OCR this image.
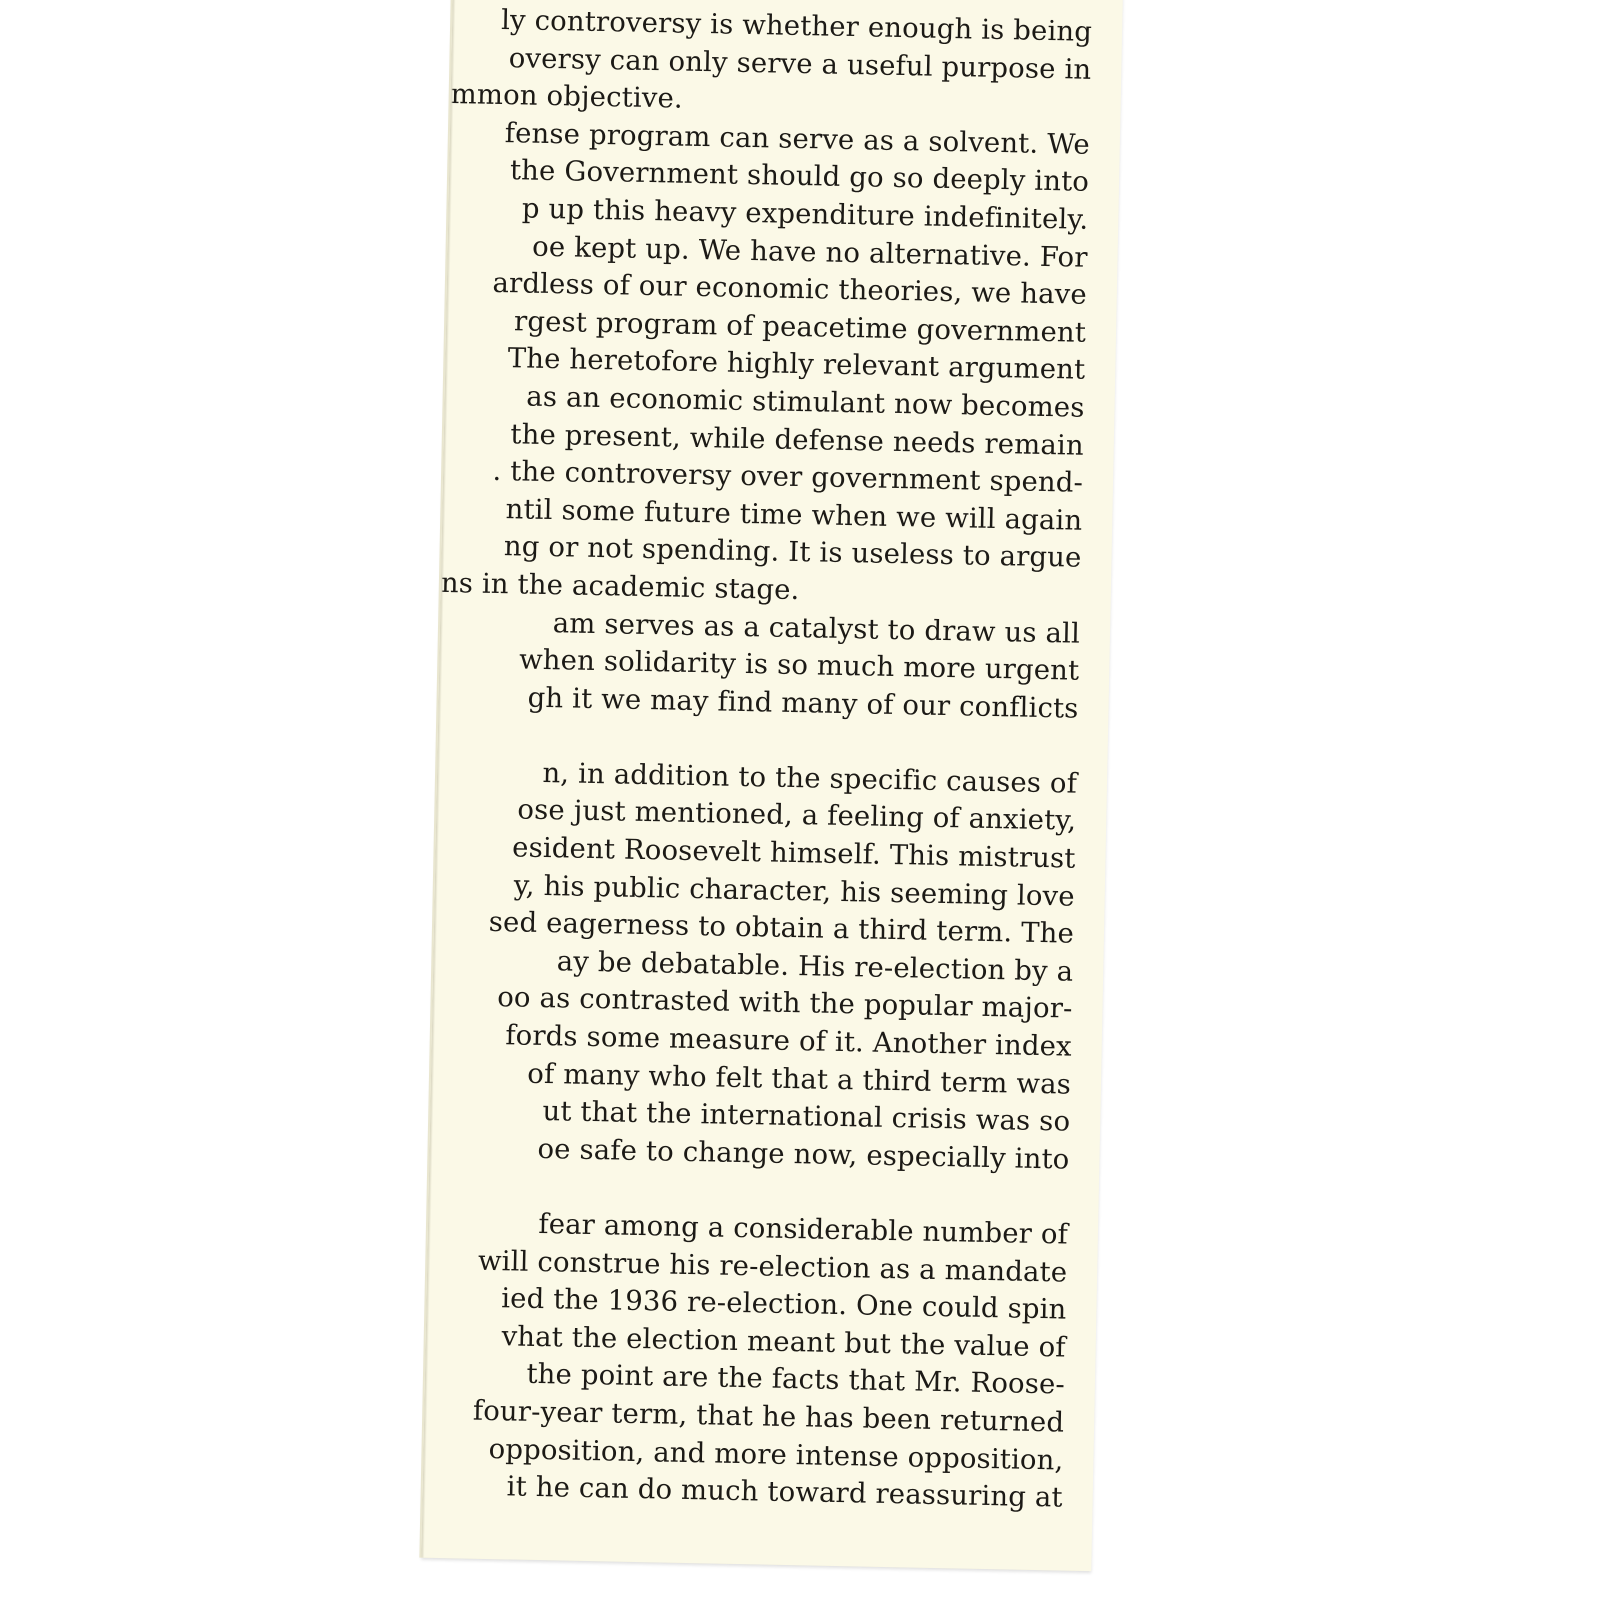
ly controversy is whether enough is being
oversy can only serve a useful purpose in
mmon objective.
fense program can serve as a solvent. We
the Government should go so deeply into
p up this heavy expenditure indefinitely.
oe kept up. We have no alternative. For
ardless of our economic theories, we have
rgest program of peacetime government
The heretofore highly relevant argument
as an economic stimulant now becomes
the present, while defense needs remain
. the controversy over government spend-
ntil some future time when we will again
ng or not spending. It is useless to argue
ns in the academic stage.
am serves as a catalyst to draw us all
when solidarity is so much more urgent
gh it we may find many of our conflicts
n, in addition to the specific causes of
ose just mentioned, a feeling of anxiety,
esident Roosevelt himself. This mistrust
y, his public character, his seeming love
sed eagerness to obtain a third term. The
ay be debatable. His re-election by a
oo as contrasted with the popular major-
fords some measure of it. Another index
of many who felt that a third term was
ut that the international crisis was so
oe safe to change now, especially into
fear among a considerable number of
will construe his re-election as a mandate
ied the 1936 re-election. One could spin
vhat the election meant but the value of
the point are the facts that Mr. Roose-
four-year term, that he has been returned
opposition, and more intense opposition,
it he can do much toward reassuring at
